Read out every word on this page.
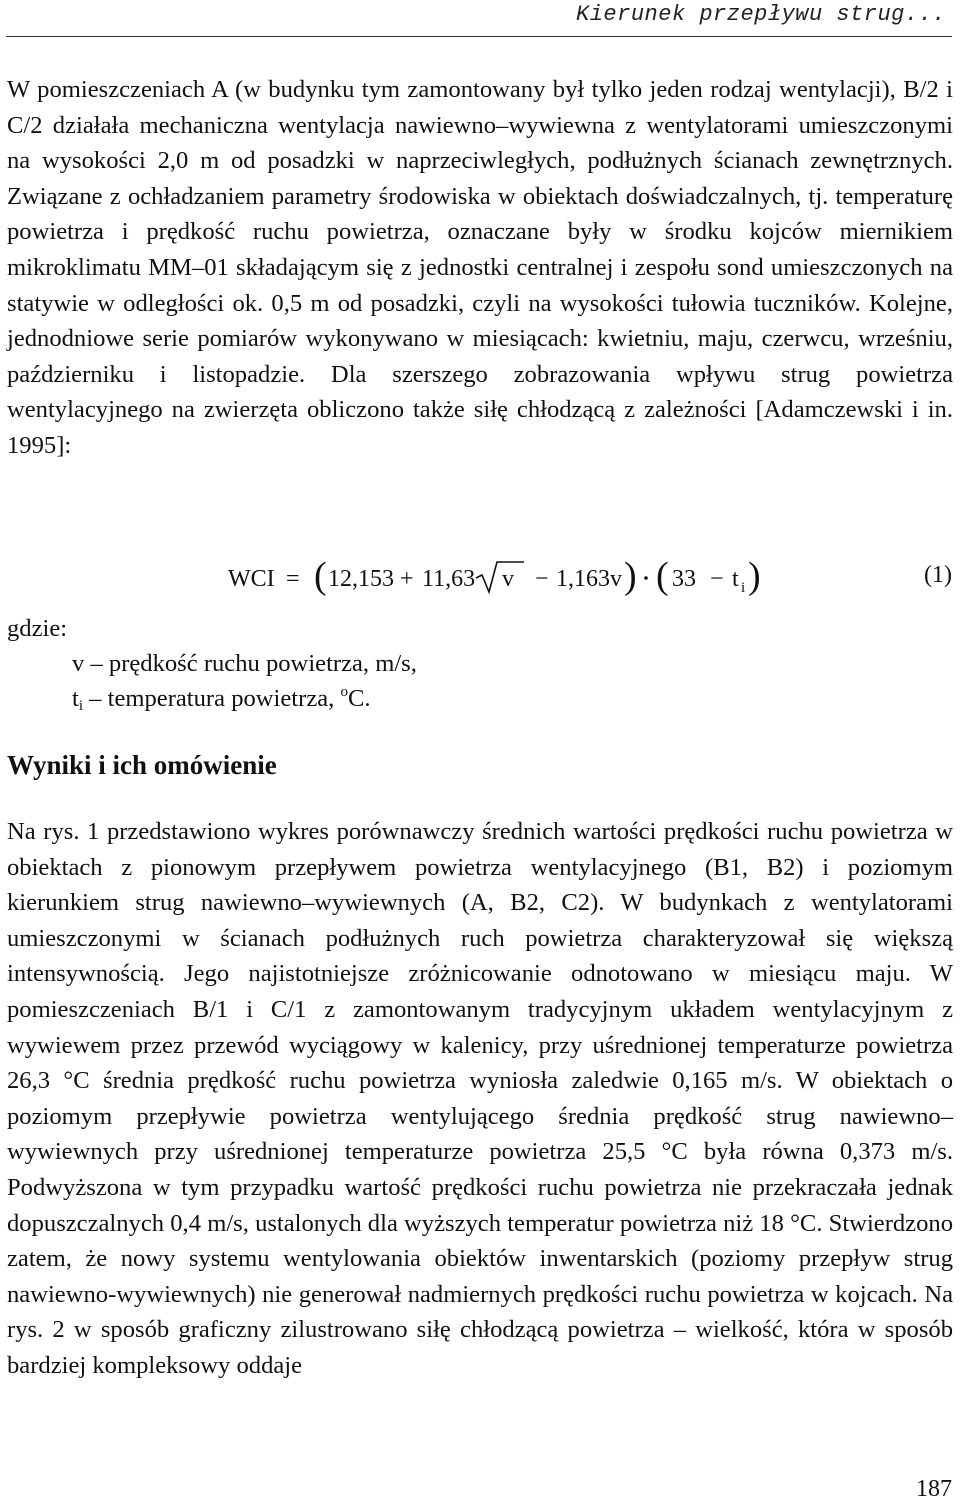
Kierunek przepływu strug...

W pomieszczeniach A (w budynku tym zamontowany był tylko jeden rodzaj wentylacji), B/2 i C/2 działała mechaniczna wentylacja nawiewno–wywiewna z wentylatorami umieszczonymi na wysokości 2,0 m od posadzki w naprzeciwległych, podłużnych ścianach zewnętrznych. Związane z ochładzaniem parametry środowiska w obiektach doświadczalnych, tj. temperaturę powietrza i prędkość ruchu powietrza, oznaczane były w środku kojców miernikiem mikroklimatu MM–01 składającym się z jednostki centralnej i zespołu sond umieszczonych na statywie w odległości ok. 0,5 m od posadzki, czyli na wysokości tułowia tuczników. Kolejne, jednodniowe serie pomiarów wykonywano w miesiącach: kwietniu, maju, czerwcu, wrześniu, październiku i listopadzie. Dla szerszego zobrazowania wpływu strug powietrza wentylacyjnego na zwierzęta obliczono także siłę chłodzącą z zależności [Adamczewski i in. 1995]:

WCI = ( 12,153 + 11,63 v − 1,163v ) ( 33 − t i )	(1)
gdzie:
v – prędkość ruchu powietrza, m/s,
$t_i$ – temperatura powietrza, $^o$C.
Wyniki i ich omówienie

Na rys. 1 przedstawiono wykres porównawczy średnich wartości prędkości ruchu powietrza w obiektach z pionowym przepływem powietrza wentylacyjnego (B1, B2) i poziomym kierunkiem strug nawiewno–wywiewnych (A, B2, C2). W budynkach z wentylatorami umieszczonymi w ścianach podłużnych ruch powietrza charakteryzował się większą intensywnością. Jego najistotniejsze zróżnicowanie odnotowano w miesiącu maju. W pomieszczeniach B/1 i C/1 z zamontowanym tradycyjnym układem wentylacyjnym z wywiewem przez przewód wyciągowy w kalenicy, przy uśrednionej temperaturze powietrza 26,3 °C średnia prędkość ruchu powietrza wyniosła zaledwie 0,165 m/s. W obiektach o poziomym przepływie powietrza wentylującego średnia prędkość strug nawiewno–wywiewnych przy uśrednionej temperaturze powietrza 25,5 °C była równa 0,373 m/s. Podwyższona w tym przypadku wartość prędkości ruchu powietrza nie przekraczała jednak dopuszczalnych 0,4 m/s, ustalonych dla wyższych temperatur powietrza niż 18 °C. Stwierdzono zatem, że nowy systemu wentylowania obiektów inwentarskich (poziomy przepływ strug nawiewno-wywiewnych) nie generował nadmiernych prędkości ruchu powietrza w kojcach. Na rys. 2 w sposób graficzny zilustrowano siłę chłodzącą powietrza – wielkość, która w sposób bardziej kompleksowy oddaje

187
